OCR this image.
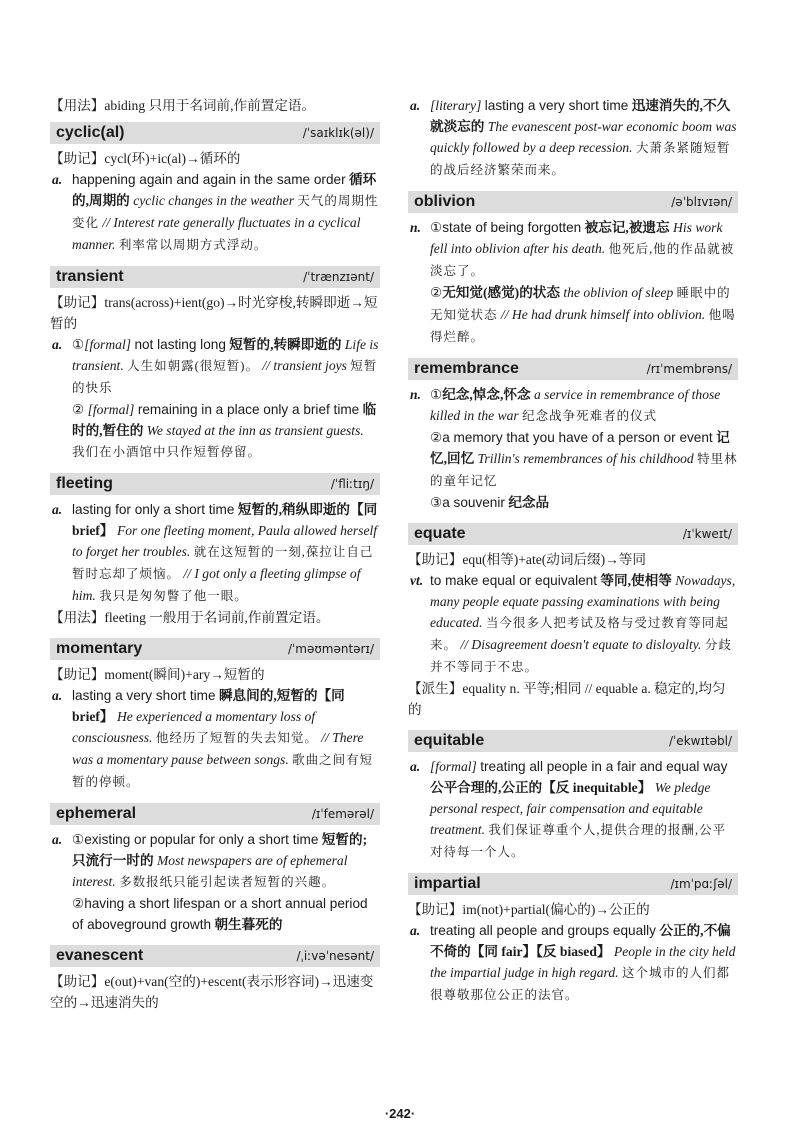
【用法】abiding 只用于名词前,作前置定语。
cyclic(al)	/ˈsaɪklɪk(əl)/
【助记】cycl(环)+ic(al)→循环的
a. happening again and again in the same order 循环的,周期的 cyclic changes in the weather 天气的周期性变化 // Interest rate generally fluctuates in a cyclical manner. 利率常以周期方式浮动。
transient	/ˈtrænzɪənt/
【助记】trans(across)+ient(go)→时光穿梭,转瞬即逝→短暂的
a. ①[formal] not lasting long 短暂的,转瞬即逝的 Life is transient. 人生如朝露(很短暂)。 // transient joys 短暂的快乐
② [formal] remaining in a place only a brief time 临时的,暂住的 We stayed at the inn as transient guests. 我们在小酒馆中只作短暂停留。
fleeting	/ˈfliːtɪŋ/
a. lasting for only a short time 短暂的,稍纵即逝的【同 brief】 For one fleeting moment, Paula allowed herself to forget her troubles. 就在这短暂的一刻,葆拉让自己暂时忘却了烦恼。 // I got only a fleeting glimpse of him. 我只是匆匆瞥了他一眼。
【用法】fleeting 一般用于名词前,作前置定语。
momentary	/ˈməʊməntərɪ/
【助记】moment(瞬间)+ary→短暂的
a. lasting a very short time 瞬息间的,短暂的【同 brief】 He experienced a momentary loss of consciousness. 他经历了短暂的失去知觉。 // There was a momentary pause between songs. 歌曲之间有短暂的停顿。
ephemeral	/ɪˈfemərəl/
a. ①existing or popular for only a short time 短暂的;只流行一时的 Most newspapers are of ephemeral interest. 多数报纸只能引起读者短暂的兴趣。
②having a short lifespan or a short annual period of aboveground growth 朝生暮死的
evanescent	/ˌiːvəˈnesənt/
【助记】e(out)+van(空的)+escent(表示形容词)→迅速变空的→迅速消失的
a. [literary] lasting a very short time 迅速消失的,不久就淡忘的 The evanescent post-war economic boom was quickly followed by a deep recession. 大萧条紧随短暂的战后经济繁荣而来。
oblivion	/əˈblɪvɪən/
n. ①state of being forgotten 被忘记,被遗忘 His work fell into oblivion after his death. 他死后,他的作品就被淡忘了。
②无知觉(感觉)的状态 the oblivion of sleep 睡眠中的无知觉状态 // He had drunk himself into oblivion. 他喝得烂醉。
remembrance	/rɪˈmembrəns/
n. ①纪念,悼念,怀念 a service in remembrance of those killed in the war 纪念战争死难者的仪式
②a memory that you have of a person or event 记忆,回忆 Trillin's remembrances of his childhood 特里林的童年记忆
③a souvenir 纪念品
equate	/ɪˈkweɪt/
【助记】equ(相等)+ate(动词后缀)→等同
vt. to make equal or equivalent 等同,使相等 Nowadays, many people equate passing examinations with being educated. 当今很多人把考试及格与受过教育等同起来。 // Disagreement doesn't equate to disloyalty. 分歧并不等同于不忠。
【派生】equality n. 平等;相同 // equable a. 稳定的,均匀的
equitable	/ˈekwɪtəbl/
a. [formal] treating all people in a fair and equal way 公平合理的,公正的【反 inequitable】 We pledge personal respect, fair compensation and equitable treatment. 我们保证尊重个人,提供合理的报酬,公平对待每一个人。
impartial	/ɪmˈpɑːʃəl/
【助记】im(not)+partial(偏心的)→公正的
a. treating all people and groups equally 公正的,不偏不倚的【同 fair】【反 biased】 People in the city held the impartial judge in high regard. 这个城市的人们都很尊敬那位公正的法官。
·242·
